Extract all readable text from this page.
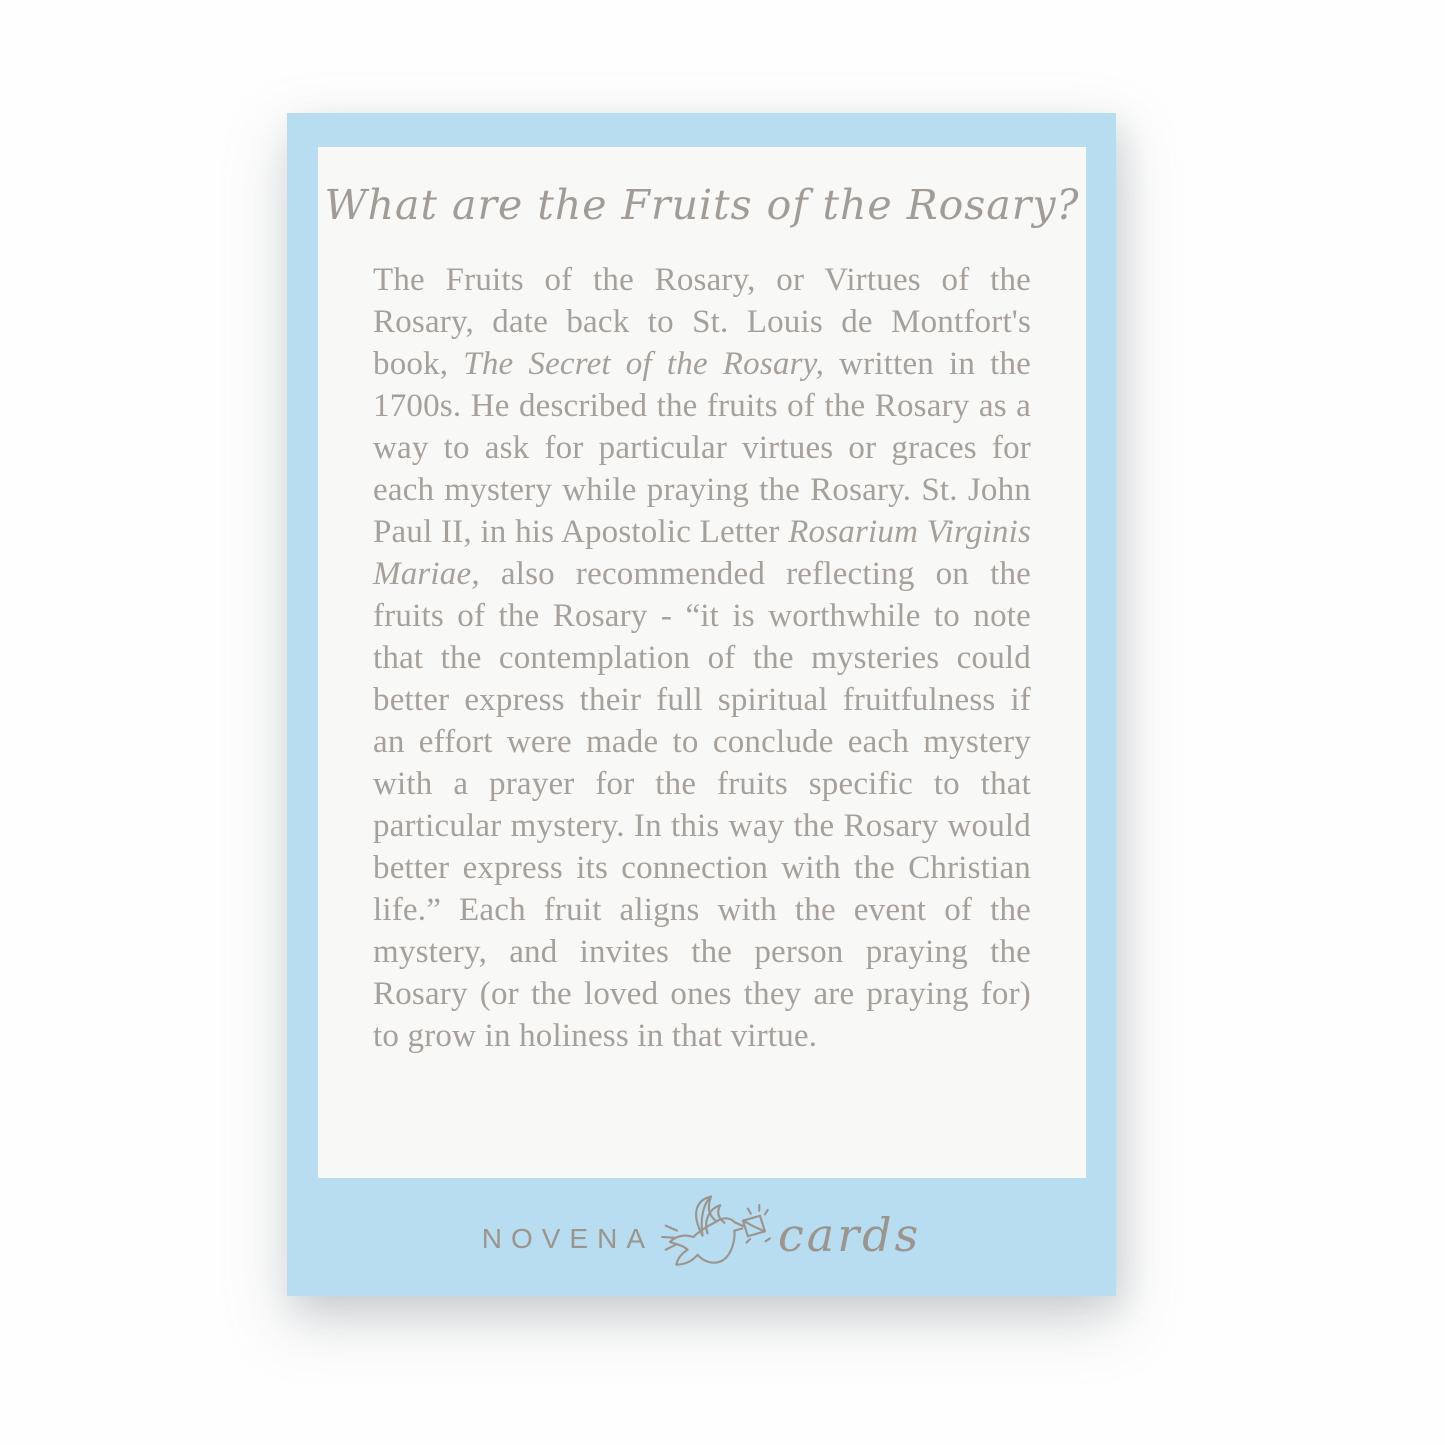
What are the Fruits of the Rosary?

The Fruits of the Rosary, or Virtues of the Rosary, date back to St. Louis de Montfort's book, The Secret of the Rosary, written in the 1700s. He described the fruits of the Rosary as a way to ask for particular virtues or graces for each mystery while praying the Rosary. St. John Paul II, in his Apostolic Letter Rosarium Virginis Mariae, also recommended reflecting on the fruits of the Rosary - “it is worthwhile to note that the contemplation of the mysteries could better express their full spiritual fruitfulness if an effort were made to conclude each mystery with a prayer for the fruits specific to that particular mystery. In this way the Rosary would better express its connection with the Christian life.” Each fruit aligns with the event of the mystery, and invites the person praying the Rosary (or the loved ones they are praying for) to grow in holiness in that virtue.

NOVENA	cards
